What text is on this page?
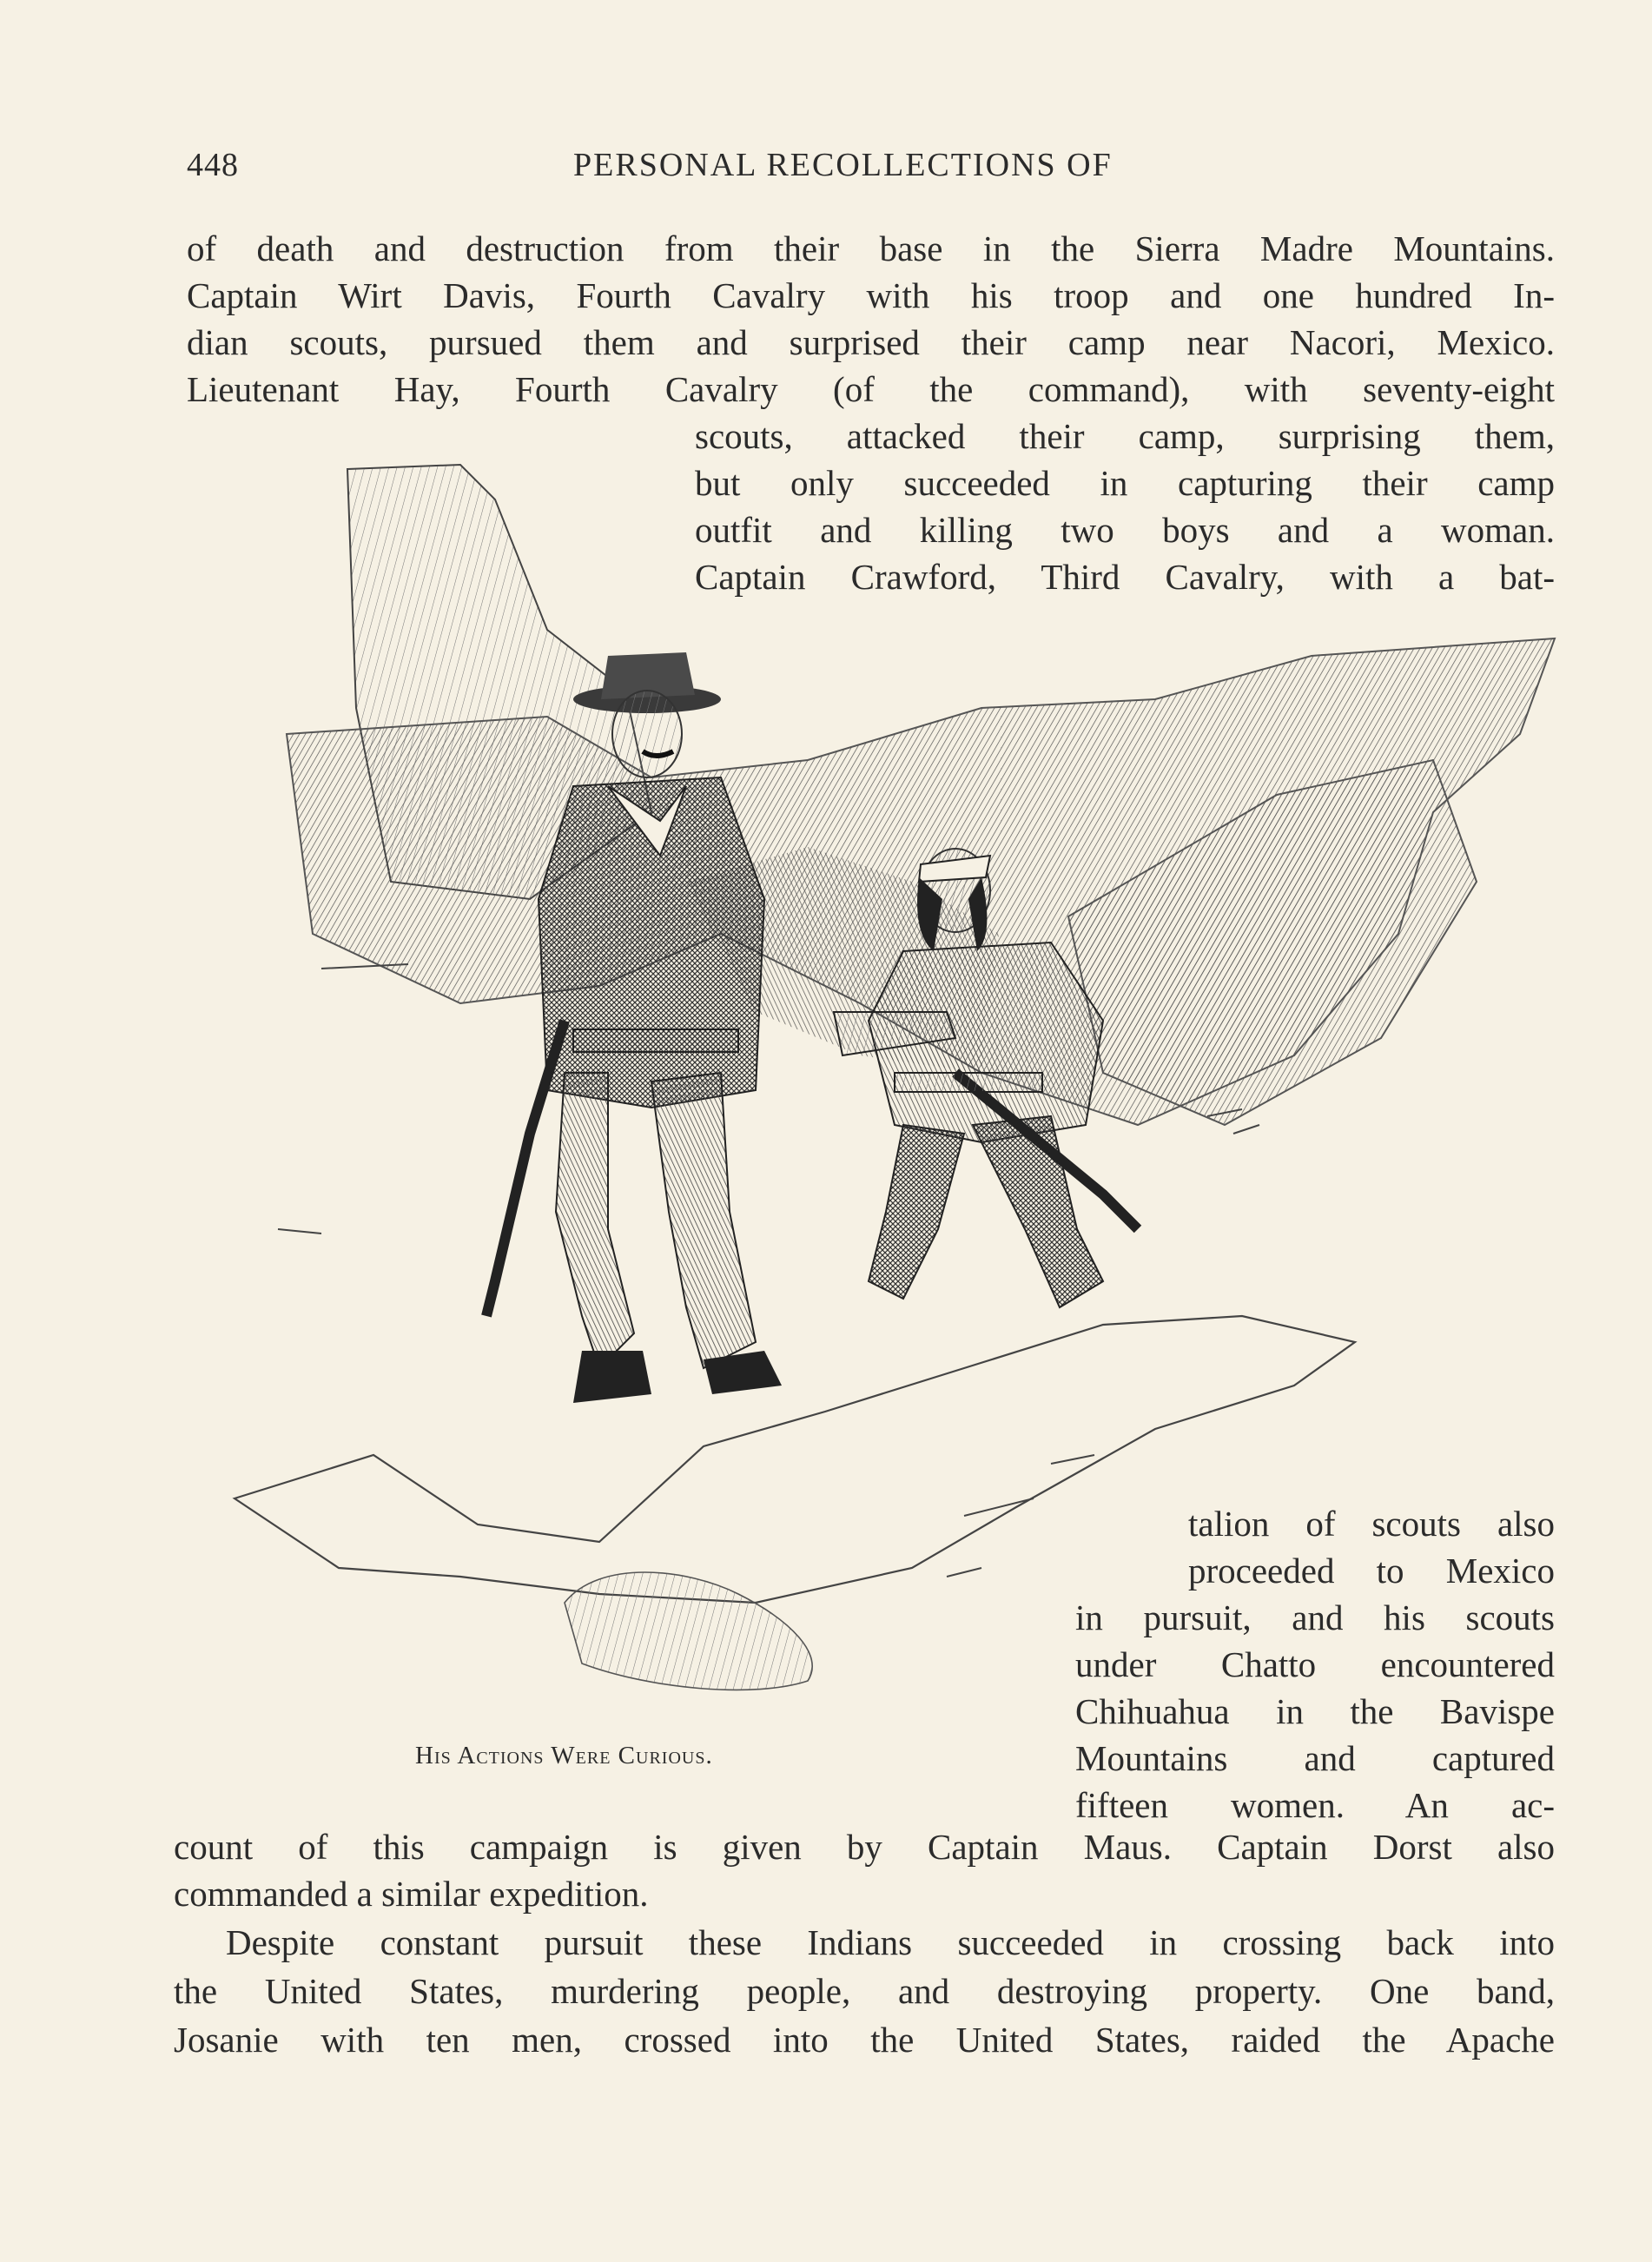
448	PERSONAL RECOLLECTIONS OF
of death and destruction from their base in the Sierra Madre Mountains.
Captain Wirt Davis, Fourth Cavalry with his troop and one hundred In-
dian scouts, pursued them and surprised their camp near Nacori, Mexico.
Lieutenant Hay, Fourth Cavalry (of the command), with seventy-eight
scouts, attacked their camp, surprising them,
but only succeeded in capturing their camp
outfit and killing two boys and a woman.
Captain Crawford, Third Cavalry, with a bat-
talion of scouts also
proceeded to Mexico
in pursuit, and his scouts
under Chatto encountered
Chihuahua in the Bavispe
Mountains and captured
fifteen women. An ac-
His Actions Were Curious.
count of this campaign is given by Captain Maus. Captain Dorst also
commanded a similar expedition.
Despite constant pursuit these Indians succeeded in crossing back into
the United States, murdering people, and destroying property. One band,
Josanie with ten men, crossed into the United States, raided the Apache
